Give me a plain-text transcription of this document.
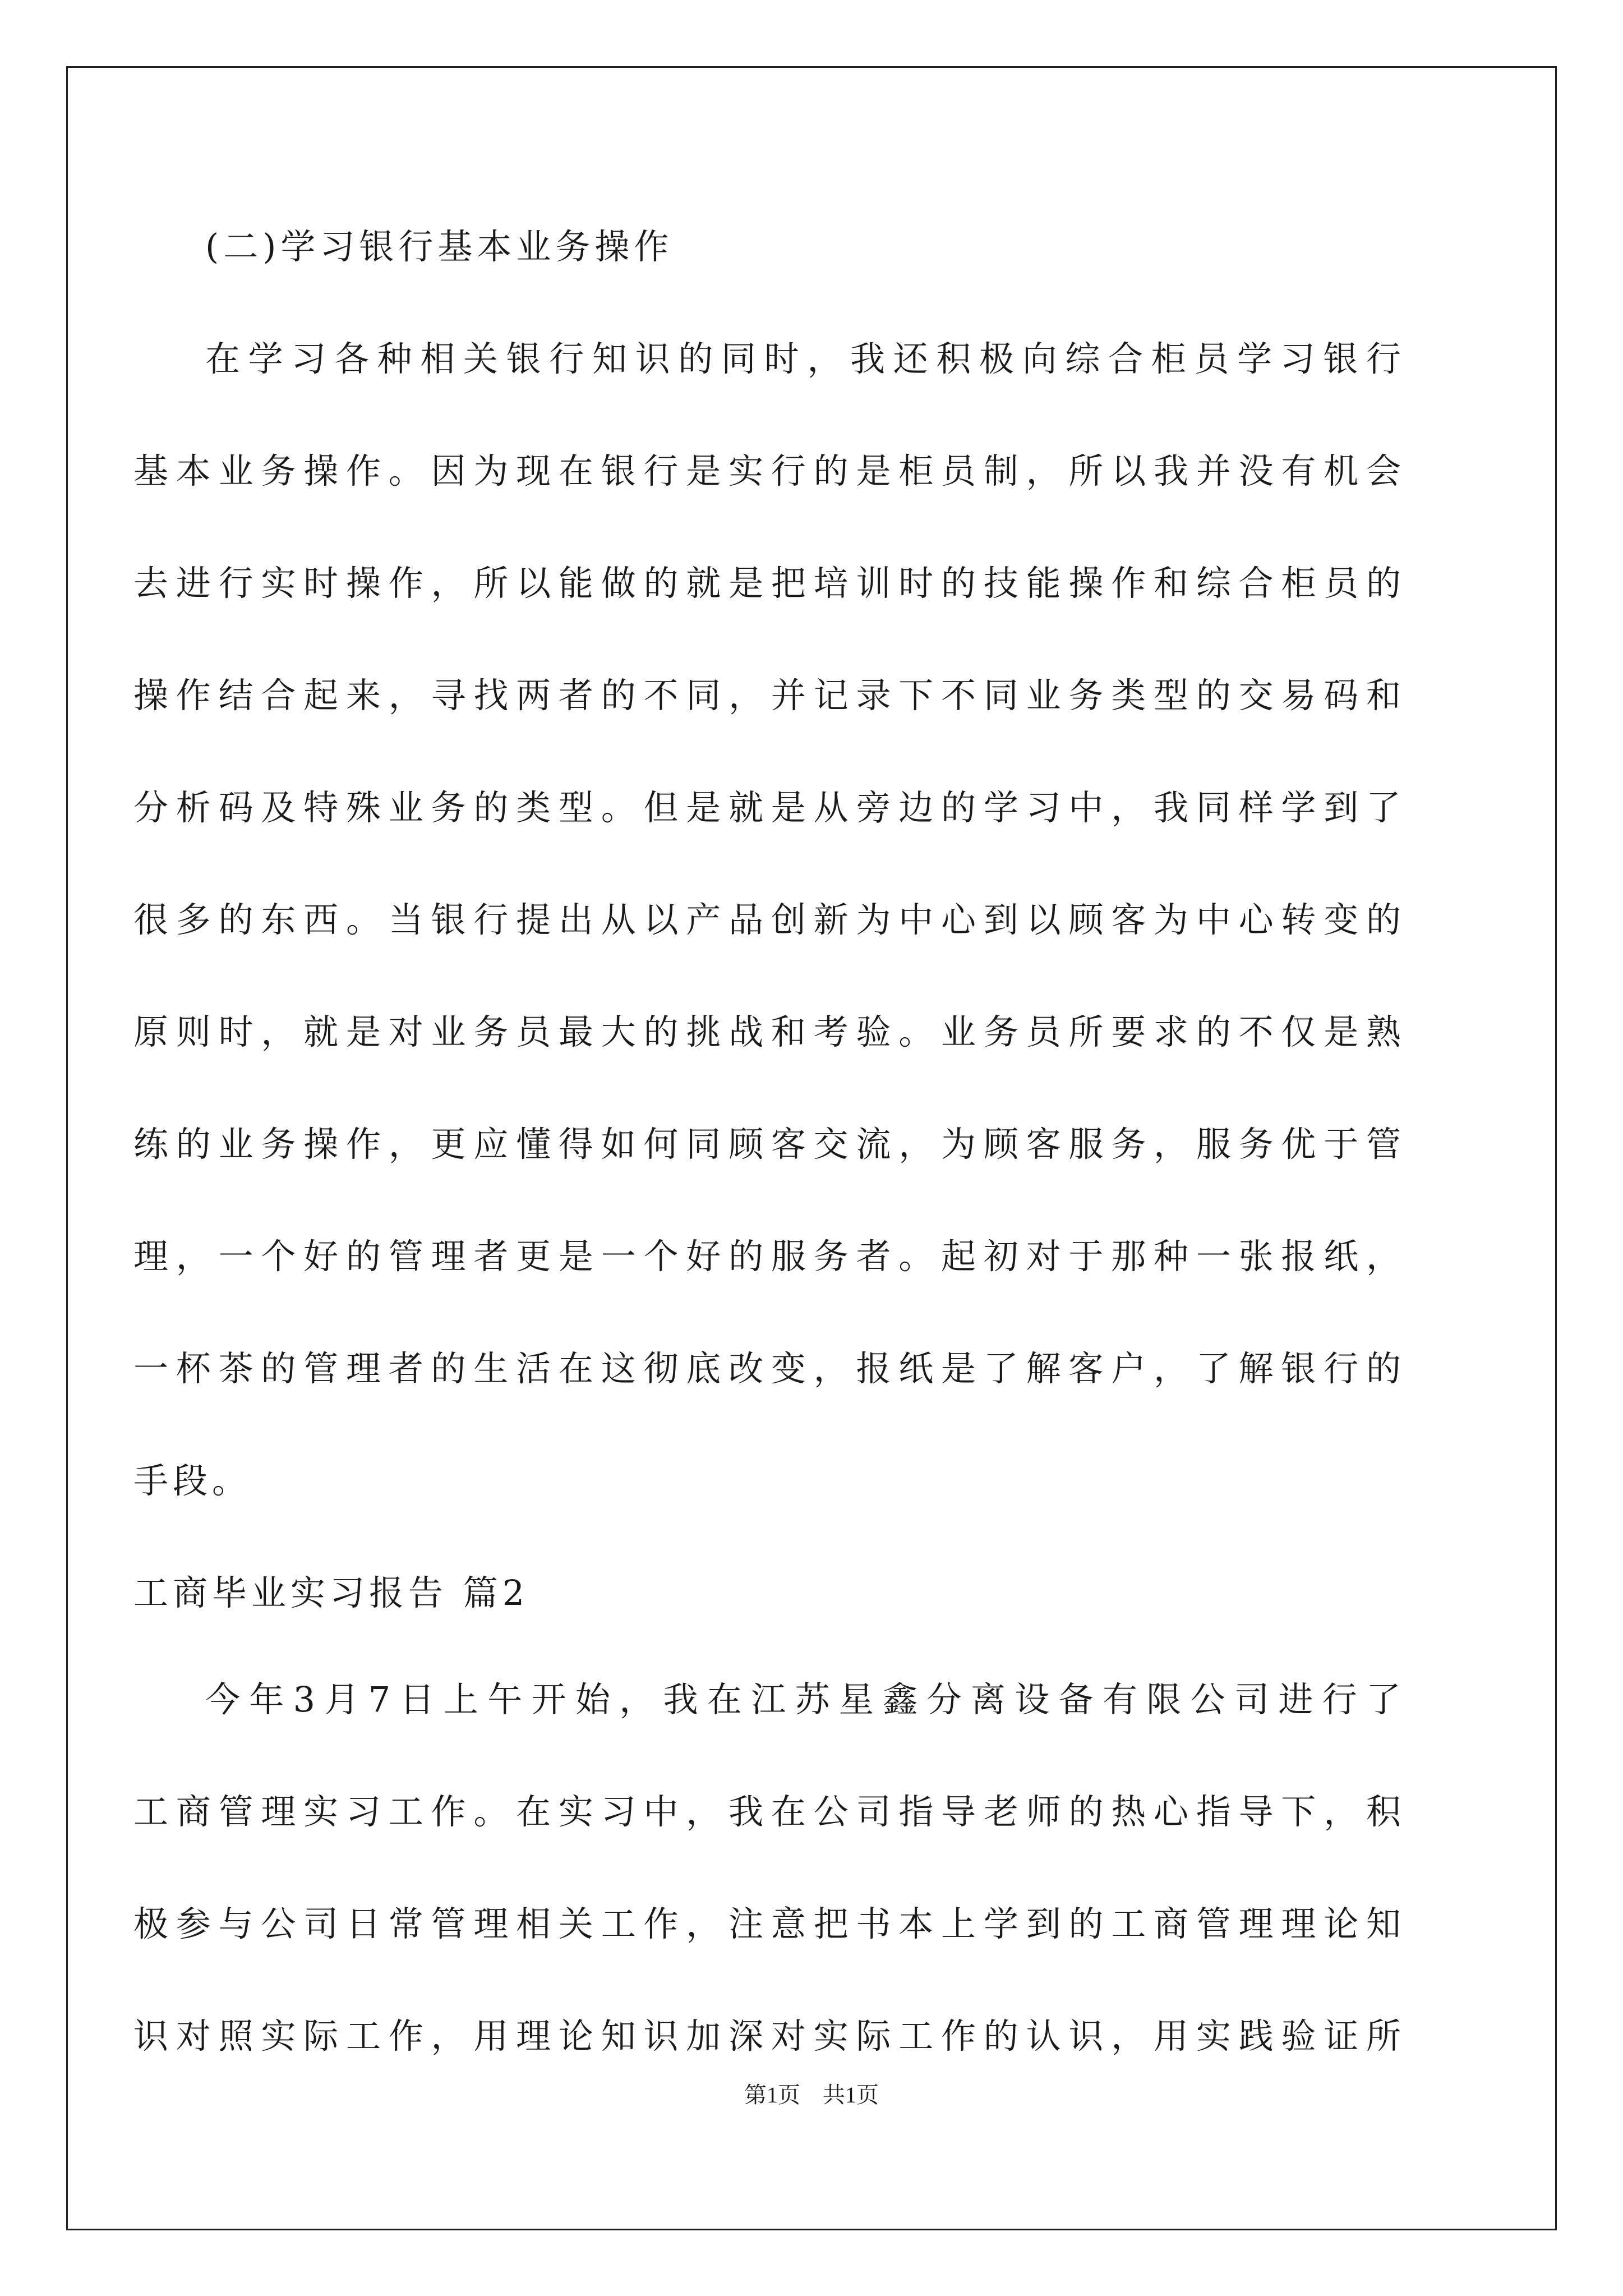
(二)学习银行基本业务操作
在学习各种相关银行知识的同时，我还积极向综合柜员学习银行
基本业务操作。因为现在银行是实行的是柜员制，所以我并没有机会
去进行实时操作，所以能做的就是把培训时的技能操作和综合柜员的
操作结合起来，寻找两者的不同，并记录下不同业务类型的交易码和
分析码及特殊业务的类型。但是就是从旁边的学习中，我同样学到了
很多的东西。当银行提出从以产品创新为中心到以顾客为中心转变的
原则时，就是对业务员最大的挑战和考验。业务员所要求的不仅是熟
练的业务操作，更应懂得如何同顾客交流，为顾客服务，服务优于管
理，一个好的管理者更是一个好的服务者。起初对于那种一张报纸，
一杯茶的管理者的生活在这彻底改变，报纸是了解客户，了解银行的
手段。
工商毕业实习报告 篇2
今年3月7日上午开始，我在江苏星鑫分离设备有限公司进行了
工商管理实习工作。在实习中，我在公司指导老师的热心指导下，积
极参与公司日常管理相关工作，注意把书本上学到的工商管理理论知
识对照实际工作，用理论知识加深对实际工作的认识，用实践验证所
第1页　共1页
